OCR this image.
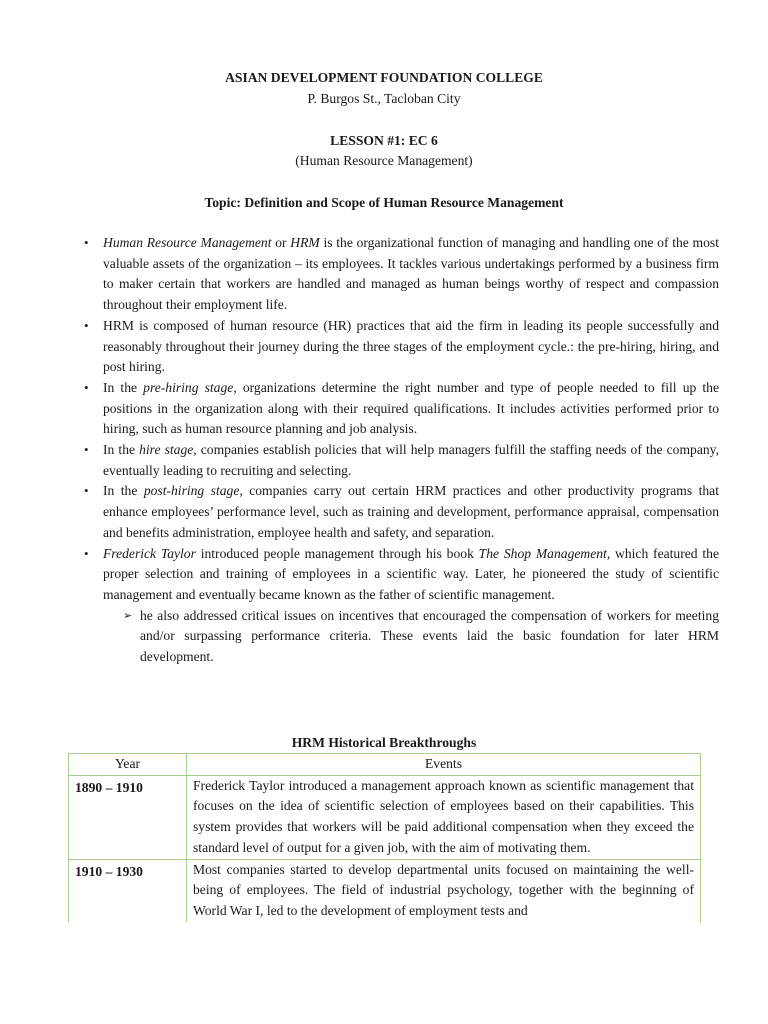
ASIAN DEVELOPMENT FOUNDATION COLLEGE
P. Burgos St., Tacloban City
LESSON #1: EC 6
(Human Resource Management)
Topic: Definition and Scope of Human Resource Management
• Human Resource Management or HRM is the organizational function of managing and handling one of the most valuable assets of the organization – its employees. It tackles various undertakings performed by a business firm to maker certain that workers are handled and managed as human beings worthy of respect and compassion throughout their employment life.
• HRM is composed of human resource (HR) practices that aid the firm in leading its people successfully and reasonably throughout their journey during the three stages of the employment cycle.: the pre-hiring, hiring, and post hiring.
• In the pre-hiring stage, organizations determine the right number and type of people needed to fill up the positions in the organization along with their required qualifications. It includes activities performed prior to hiring, such as human resource planning and job analysis.
• In the hire stage, companies establish policies that will help managers fulfill the staffing needs of the company, eventually leading to recruiting and selecting.
• In the post-hiring stage, companies carry out certain HRM practices and other productivity programs that enhance employees’ performance level, such as training and development, performance appraisal, compensation and benefits administration, employee health and safety, and separation.
• Frederick Taylor introduced people management through his book The Shop Management, which featured the proper selection and training of employees in a scientific way. Later, he pioneered the study of scientific management and eventually became known as the father of scientific management.
➢ he also addressed critical issues on incentives that encouraged the compensation of workers for meeting and/or surpassing performance criteria. These events laid the basic foundation for later HRM development.
HRM Historical Breakthroughs
Year	Events
1890 – 1910	Frederick Taylor introduced a management approach known as scientific management that focuses on the idea of scientific selection of employees based on their capabilities. This system provides that workers will be paid additional compensation when they exceed the standard level of output for a given job, with the aim of motivating them.
1910 – 1930	Most companies started to develop departmental units focused on maintaining the well-being of employees. The field of industrial psychology, together with the beginning of World War I, led to the development of employment tests and
